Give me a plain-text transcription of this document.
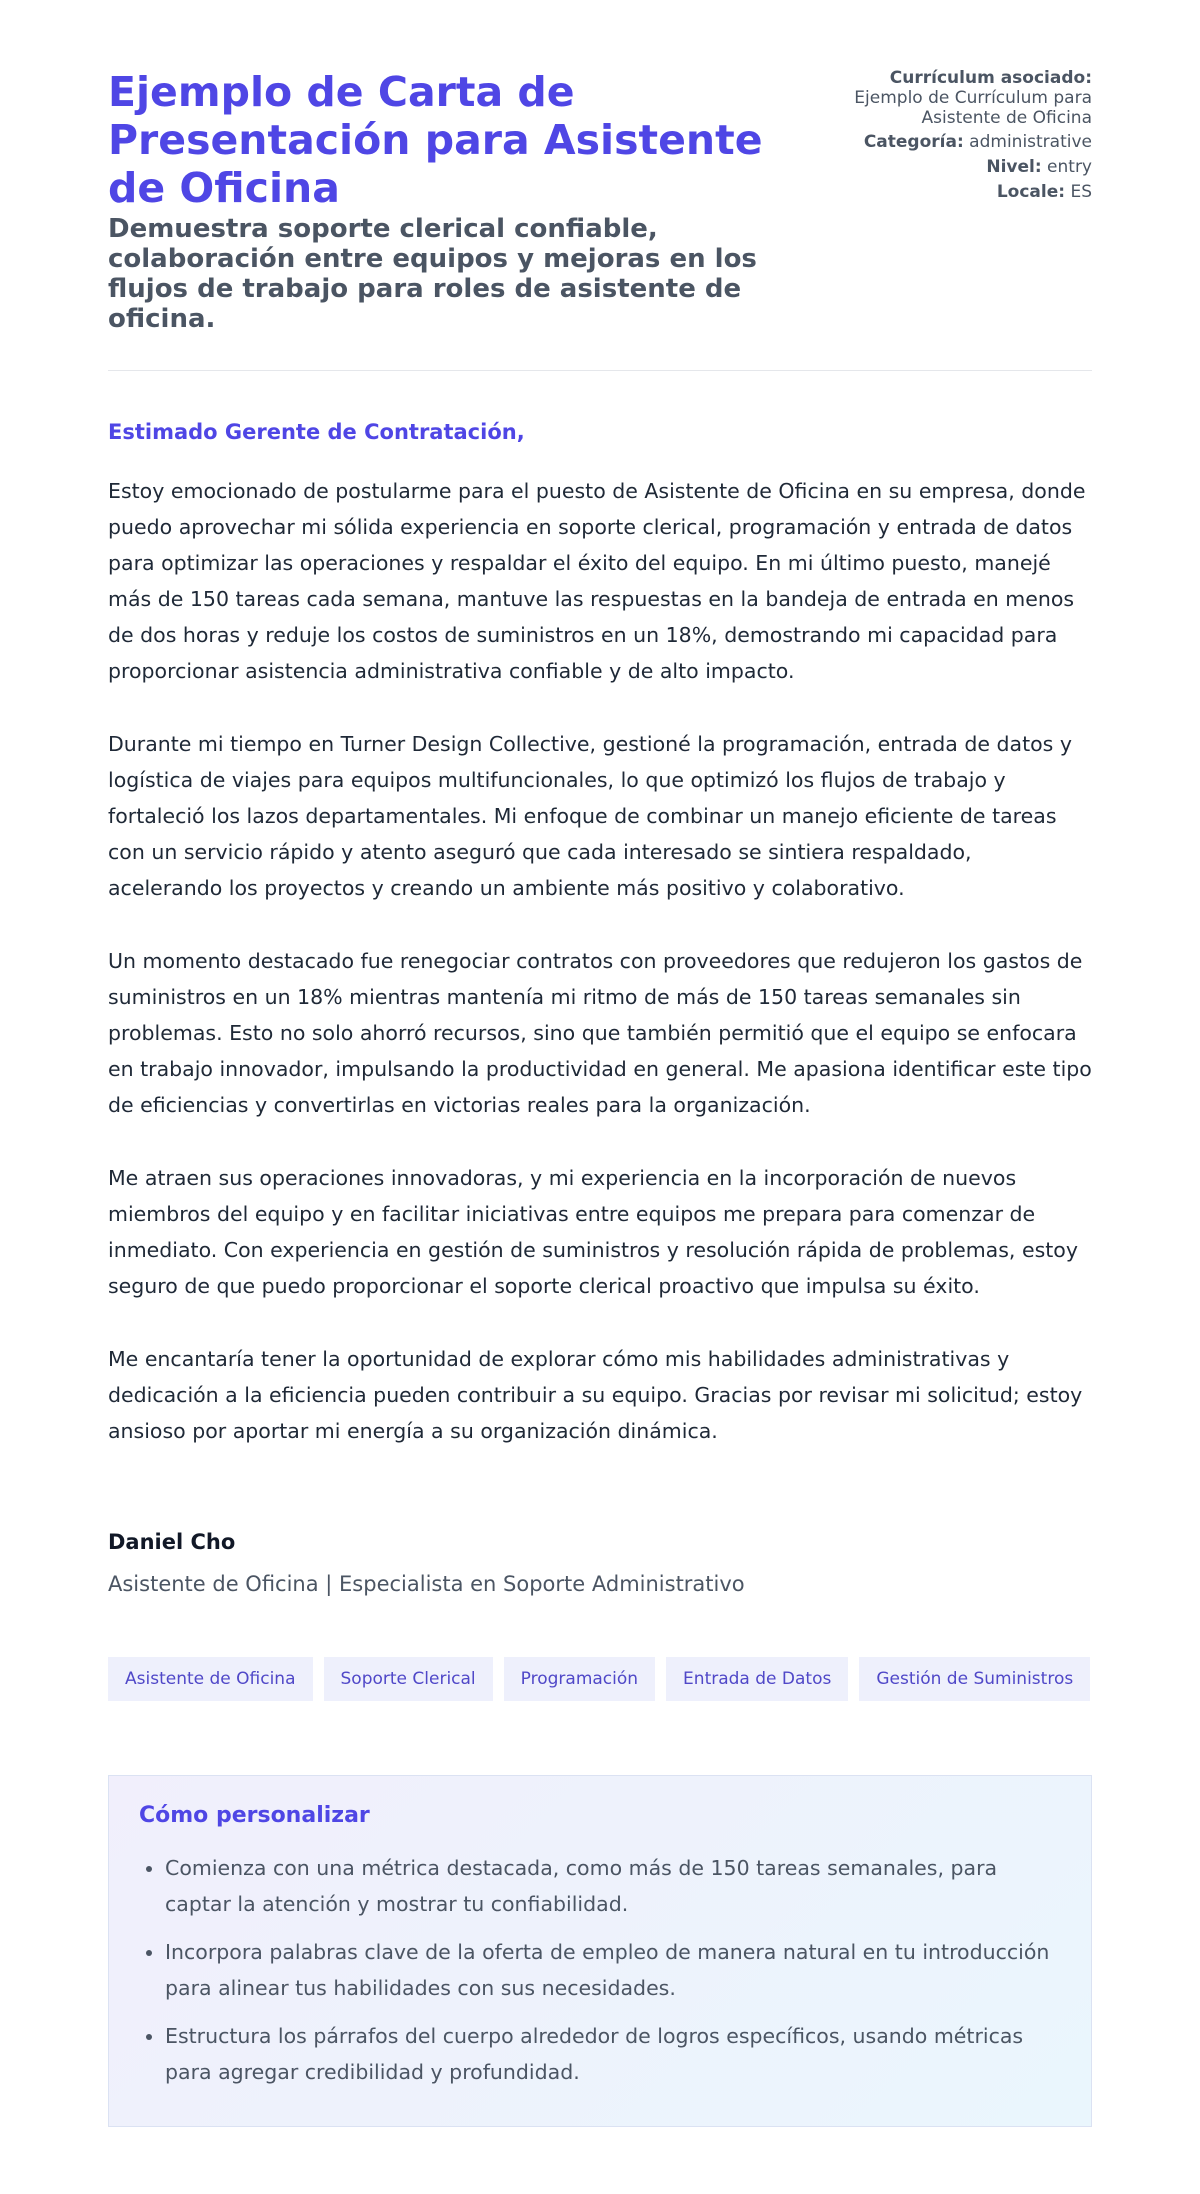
Ejemplo de Carta de Presentación para Asistente de Oficina
Demuestra soporte clerical confiable, colaboración entre equipos y mejoras en los flujos de trabajo para roles de asistente de oficina.
Currículum asociado:
Ejemplo de Currículum para Asistente de Oficina
Categoría: administrative
Nivel: entry
Locale: ES

Estimado Gerente de Contratación,

Estoy emocionado de postularme para el puesto de Asistente de Oficina en su empresa, donde puedo aprovechar mi sólida experiencia en soporte clerical, programación y entrada de datos para optimizar las operaciones y respaldar el éxito del equipo. En mi último puesto, manejé más de 150 tareas cada semana, mantuve las respuestas en la bandeja de entrada en menos de dos horas y reduje los costos de suministros en un 18%, demostrando mi capacidad para proporcionar asistencia administrativa confiable y de alto impacto.

Durante mi tiempo en Turner Design Collective, gestioné la programación, entrada de datos y logística de viajes para equipos multifuncionales, lo que optimizó los flujos de trabajo y fortaleció los lazos departamentales. Mi enfoque de combinar un manejo eficiente de tareas con un servicio rápido y atento aseguró que cada interesado se sintiera respaldado, acelerando los proyectos y creando un ambiente más positivo y colaborativo.

Un momento destacado fue renegociar contratos con proveedores que redujeron los gastos de suministros en un 18% mientras mantenía mi ritmo de más de 150 tareas semanales sin problemas. Esto no solo ahorró recursos, sino que también permitió que el equipo se enfocara en trabajo innovador, impulsando la productividad en general. Me apasiona identificar este tipo de eficiencias y convertirlas en victorias reales para la organización.

Me atraen sus operaciones innovadoras, y mi experiencia en la incorporación de nuevos miembros del equipo y en facilitar iniciativas entre equipos me prepara para comenzar de inmediato. Con experiencia en gestión de suministros y resolución rápida de problemas, estoy seguro de que puedo proporcionar el soporte clerical proactivo que impulsa su éxito.

Me encantaría tener la oportunidad de explorar cómo mis habilidades administrativas y dedicación a la eficiencia pueden contribuir a su equipo. Gracias por revisar mi solicitud; estoy ansioso por aportar mi energía a su organización dinámica.

Daniel Cho
Asistente de Oficina | Especialista en Soporte Administrativo
Asistente de Oficina	Soporte Clerical	Programación	Entrada de Datos	Gestión de Suministros
Cómo personalizar
• Comienza con una métrica destacada, como más de 150 tareas semanales, para captar la atención y mostrar tu confiabilidad.
• Incorpora palabras clave de la oferta de empleo de manera natural en tu introducción para alinear tus habilidades con sus necesidades.
• Estructura los párrafos del cuerpo alrededor de logros específicos, usando métricas para agregar credibilidad y profundidad.
